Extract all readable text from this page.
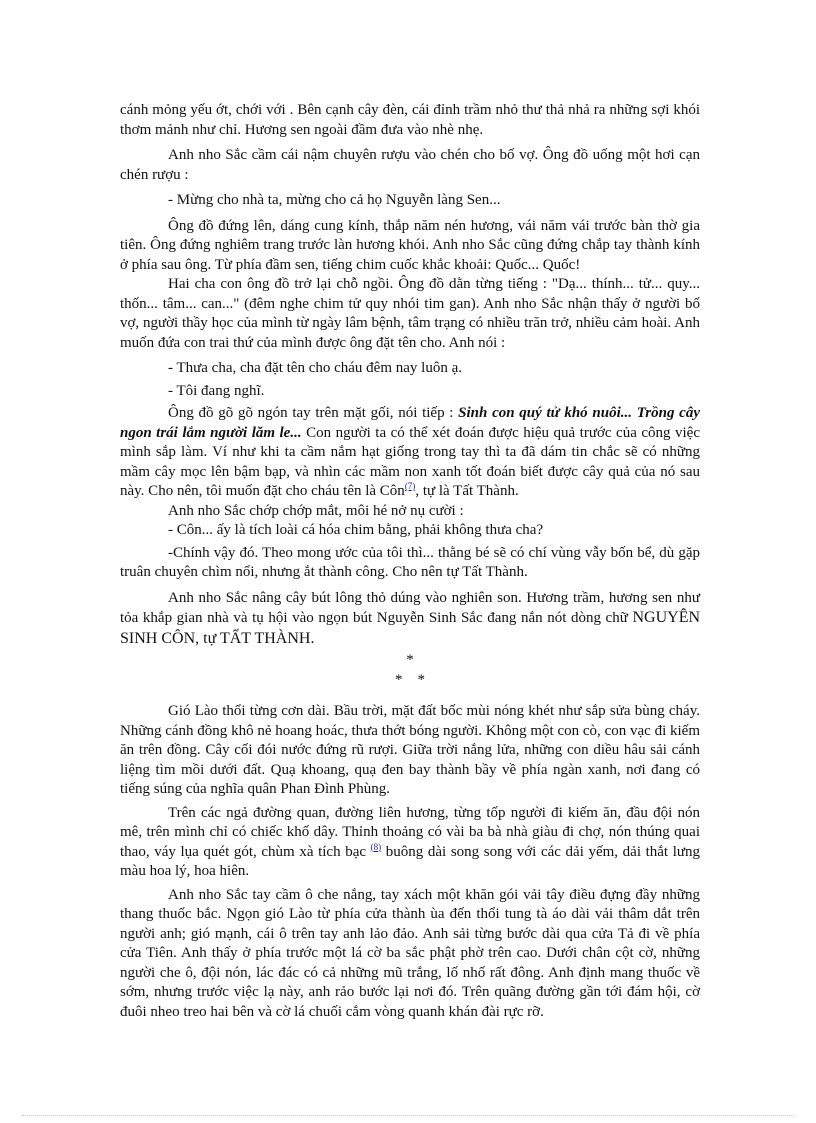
cánh mỏng yếu ớt, chới với . Bên cạnh cây đèn, cái đỉnh trầm nhỏ thư thả nhả ra những sợi khói thơm mảnh như chỉ. Hương sen ngoài đầm đưa vào nhè nhẹ.

Anh nho Sắc cầm cái nậm chuyên rượu vào chén cho bố vợ. Ông đồ uống một hơi cạn chén rượu :

- Mừng cho nhà ta, mừng cho cả họ Nguyễn làng Sen...

Ông đồ đứng lên, dáng cung kính, thắp năm nén hương, vái năm vái trước bàn thờ gia tiên. Ông đứng nghiêm trang trước làn hương khói. Anh nho Sắc cũng đứng chắp tay thành kính ở phía sau ông. Từ phía đầm sen, tiếng chim cuốc khắc khoải: Quốc... Quốc!

Hai cha con ông đồ trở lại chỗ ngồi. Ông đồ dằn từng tiếng : "Dạ... thính... tử... quy... thốn... tâm... can..." (đêm nghe chim tử quy nhói tim gan). Anh nho Sắc nhận thấy ở người bố vợ, người thầy học của mình từ ngày lâm bệnh, tâm trạng có nhiều trăn trở, nhiều cảm hoài. Anh muốn đứa con trai thứ của mình được ông đặt tên cho. Anh nói :

- Thưa cha, cha đặt tên cho cháu đêm nay luôn ạ.

- Tôi đang nghĩ.

Ông đồ gõ gõ ngón tay trên mặt gối, nói tiếp : Sinh con quý tử khó nuôi... Trồng cây ngon trái lắm người lăm le... Con người ta có thể xét đoán được hiệu quả trước của công việc mình sắp làm. Ví như khi ta cầm nắm hạt giống trong tay thì ta đã dám tin chắc sẽ có những mầm cây mọc lên bậm bạp, và nhìn các mầm non xanh tốt đoán biết được cây quả của nó sau này. Cho nên, tôi muốn đặt cho cháu tên là Côn$^{(7)}$, tự là Tất Thành.

Anh nho Sắc chớp chớp mắt, môi hé nở nụ cười :

- Côn... ấy là tích loài cá hóa chim bằng, phải không thưa cha?

-Chính vậy đó. Theo mong ước của tôi thì... thằng bé sẽ có chí vùng vẫy bốn bể, dù gặp truân chuyên chìm nổi, nhưng ắt thành công. Cho nên tự Tất Thành.

Anh nho Sắc nâng cây bút lông thỏ dúng vào nghiên son. Hương trầm, hương sen như tỏa khắp gian nhà và tụ hội vào ngọn bút Nguyễn Sinh Sắc đang nắn nót dòng chữ NGUYÊN SINH CÔN, tự TẤT THÀNH.

*

*    *

Gió Lào thổi từng cơn dài. Bầu trời, mặt đất bốc mùi nóng khét như sắp sửa bùng cháy. Những cánh đồng khô nẻ hoang hoác, thưa thớt bóng người. Không một con cò, con vạc đi kiếm ăn trên đồng. Cây cối đói nước đứng rũ rượi. Giữa trời nắng lửa, những con diều hâu sải cánh liệng tìm mồi dưới đất. Quạ khoang, quạ đen bay thành bầy về phía ngàn xanh, nơi đang có tiếng súng của nghĩa quân Phan Đình Phùng.

Trên các ngả đường quan, đường liên hương, từng tốp người đi kiếm ăn, đầu đội nón mê, trên mình chỉ có chiếc khố dây. Thỉnh thoảng có vài ba bà nhà giàu đi chợ, nón thúng quai thao, váy lụa quét gót, chùm xà tích bạc $^{(8)}$ buông dài song song với các dải yếm, dải thắt lưng màu hoa lý, hoa hiên.

Anh nho Sắc tay cầm ô che nắng, tay xách một khăn gói vải tây điều đựng đầy những thang thuốc bắc. Ngọn gió Lào từ phía cửa thành ùa đến thổi tung tà áo dài vải thâm dắt trên người anh; gió mạnh, cái ô trên tay anh lảo đảo. Anh sải từng bước dài qua cửa Tả đi về phía cửa Tiên. Anh thấy ở phía trước một lá cờ ba sắc phật phờ trên cao. Dưới chân cột cờ, những người che ô, đội nón, lác đác có cả những mũ trắng, lố nhố rất đông. Anh định mang thuốc về sớm, nhưng trước việc lạ này, anh rảo bước lại nơi đó. Trên quãng đường gần tới đám hội, cờ đuôi nheo treo hai bên và cờ lá chuối cắm vòng quanh khán đài rực rỡ.
